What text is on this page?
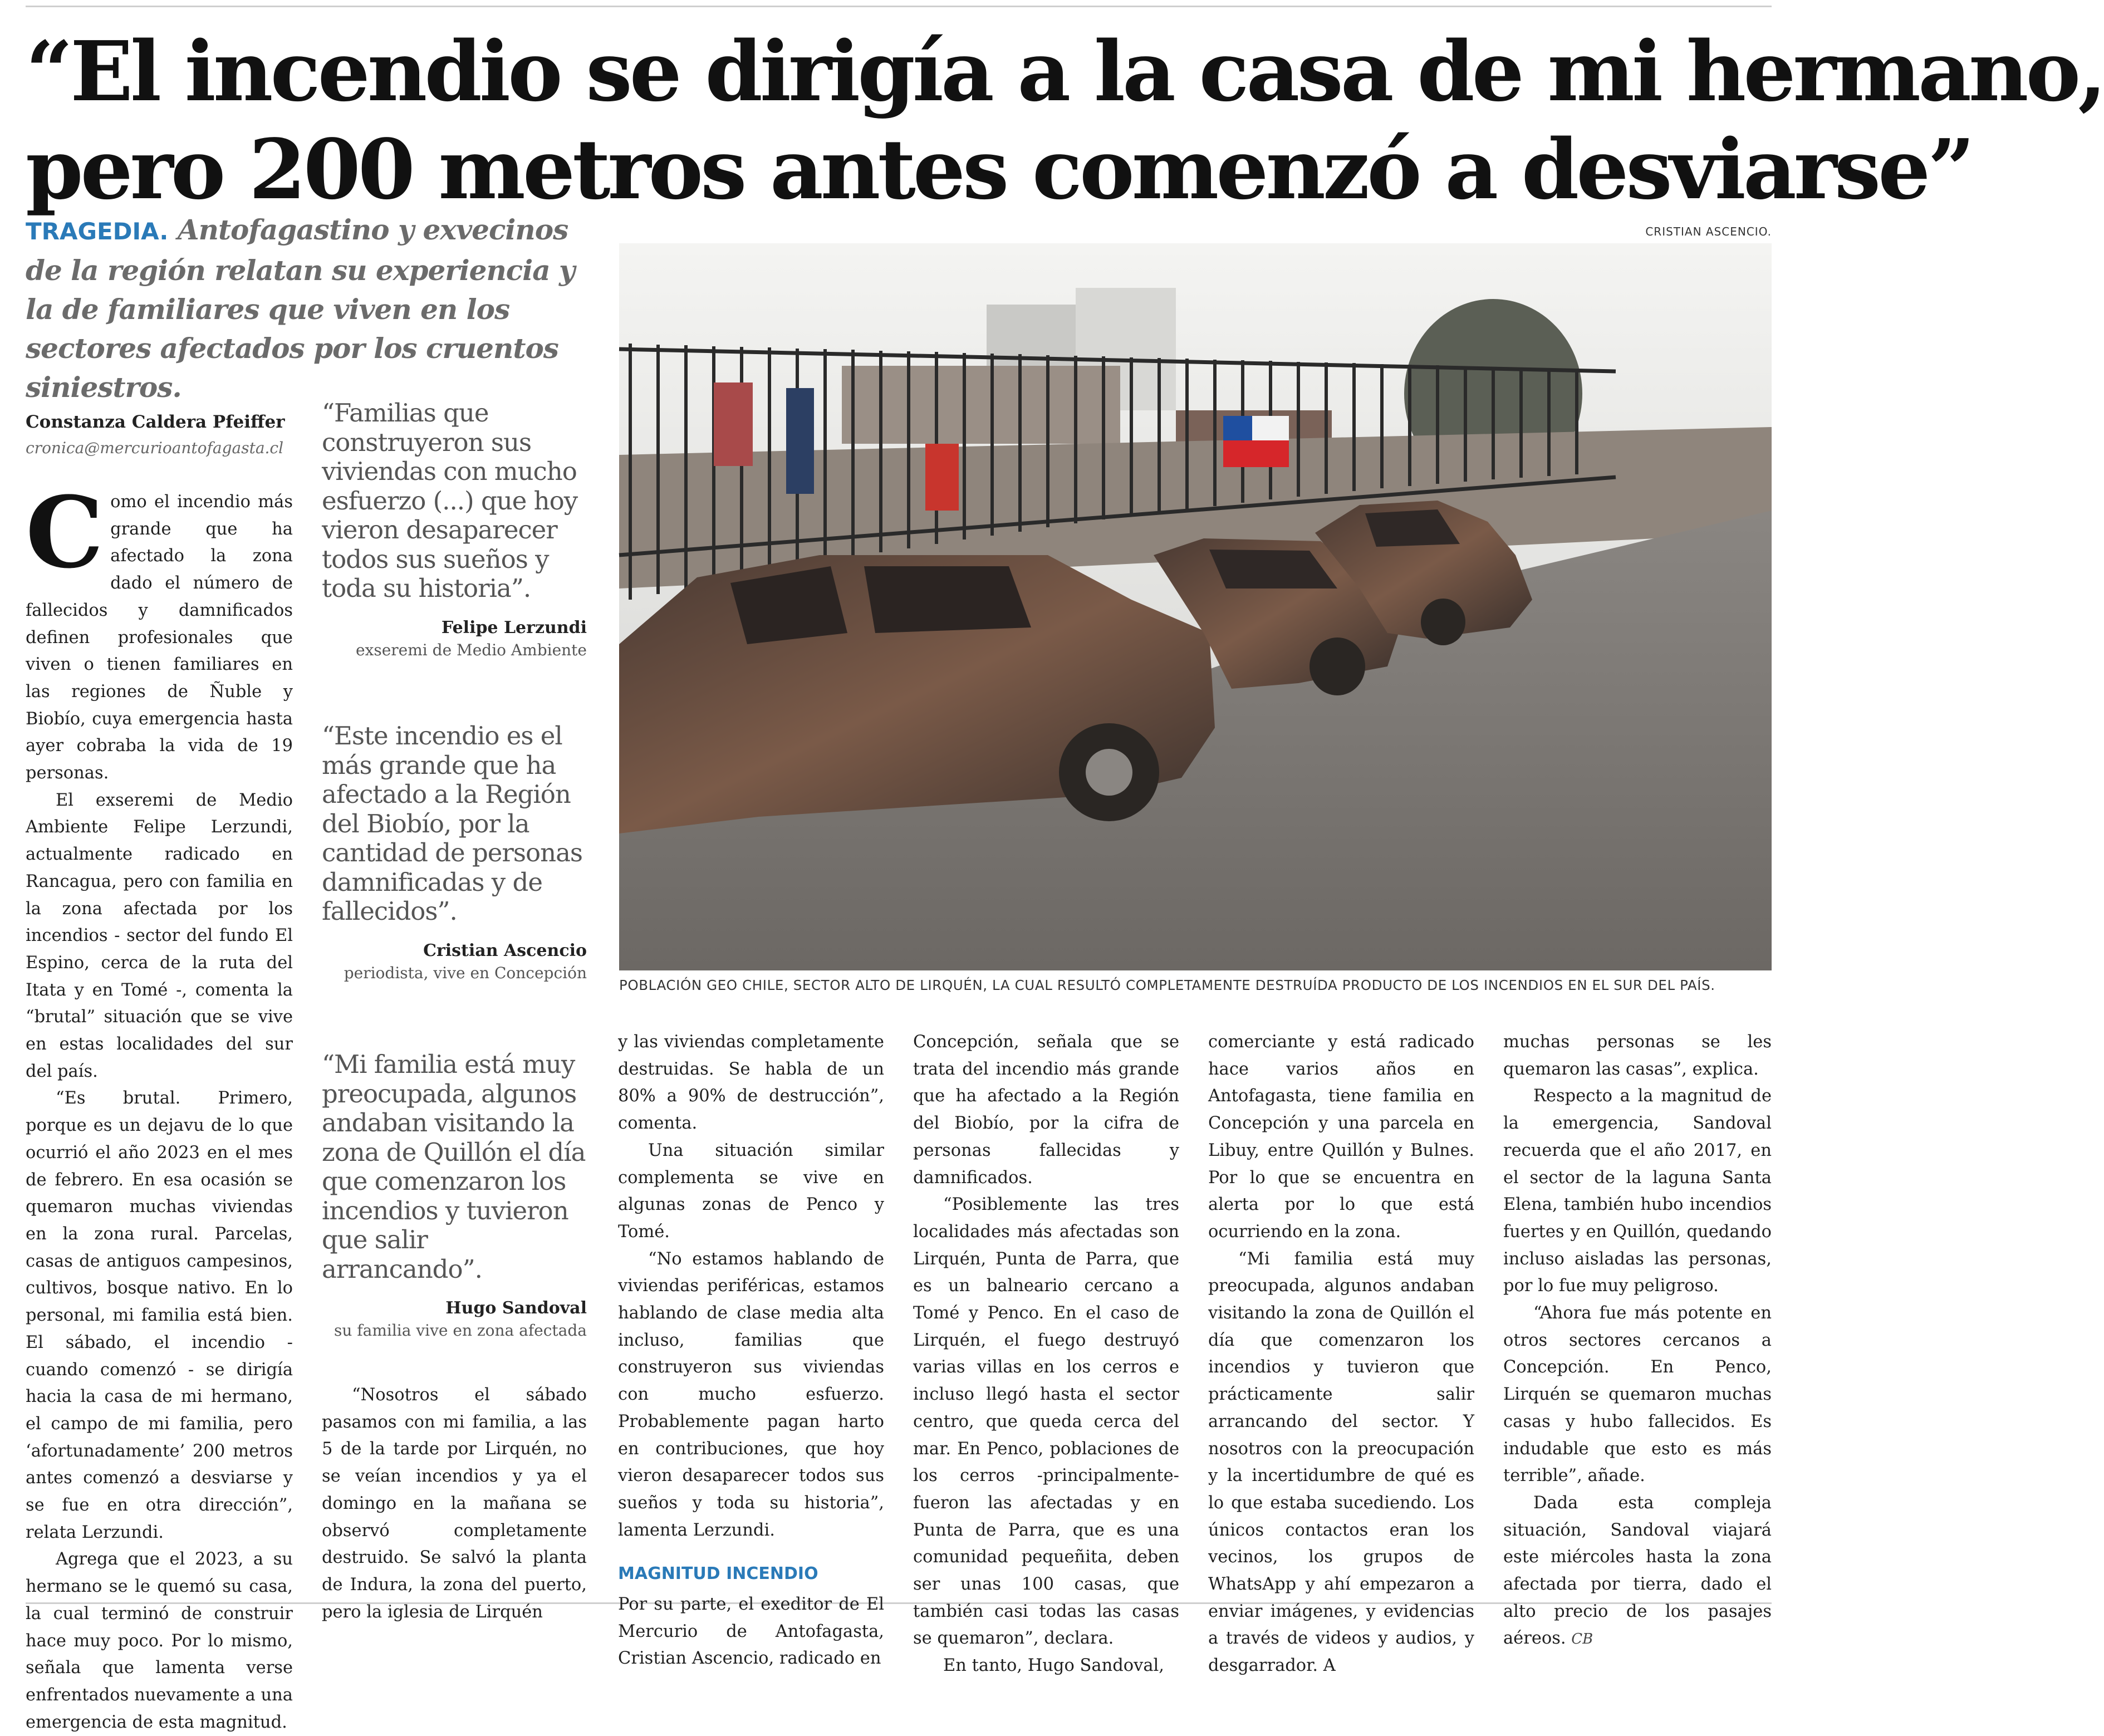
“El incendio se dirigía a la casa de mi hermano,
pero 200 metros antes comenzó a desviarse”
TRAGEDIA. Antofagastino y exvecinos de la región relatan su experiencia y la de familiares que viven en los sectores afectados por los cruentos siniestros.
CRISTIAN ASCENCIO.
POBLACIÓN GEO CHILE, SECTOR ALTO DE LIRQUÉN, LA CUAL RESULTÓ COMPLETAMENTE DESTRUÍDA PRODUCTO DE LOS INCENDIOS EN EL SUR DEL PAÍS.
Constanza Caldera Pfeiffer
cronica@mercurioantofagasta.cl

Como el incendio más grande que ha afectado la zona dado el número de fallecidos y damnificados definen profesionales que viven o tienen familiares en las regiones de Ñuble y Biobío, cuya emergencia hasta ayer cobraba la vida de 19 personas.

El exseremi de Medio Ambiente Felipe Lerzundi, actualmente radicado en Rancagua, pero con familia en la zona afectada por los incendios - sector del fundo El Espino, cerca de la ruta del Itata y en Tomé -, comenta la “brutal” situación que se vive en estas localidades del sur del país.

“Es brutal. Primero, porque es un dejavu de lo que ocurrió el año 2023 en el mes de febrero. En esa ocasión se quemaron muchas viviendas en la zona rural. Parcelas, casas de antiguos campesinos, cultivos, bosque nativo. En lo personal, mi familia está bien. El sábado, el incendio - cuando comenzó - se dirigía hacia la casa de mi hermano, el campo de mi familia, pero ‘afortunadamente’ 200 metros antes comenzó a desviarse y se fue en otra dirección”, relata Lerzundi.

Agrega que el 2023, a su hermano se le quemó su casa, la cual terminó de construir hace muy poco. Por lo mismo, señala que lamenta verse enfrentados nuevamente a una emergencia de esta magnitud.

“Familias que construyeron sus viviendas con mucho esfuerzo (...) que hoy vieron desaparecer todos sus sueños y toda su historia”.
Felipe Lerzundi
exseremi de Medio Ambiente
“Este incendio es el más grande que ha afectado a la Región del Biobío, por la cantidad de personas damnificadas y de fallecidos”.
Cristian Ascencio
periodista, vive en Concepción
“Mi familia está muy preocupada, algunos andaban visitando la zona de Quillón el día que comenzaron los incendios y tuvieron que salir arrancando”.
Hugo Sandoval
su familia vive en zona afectada

“Nosotros el sábado pasamos con mi familia, a las 5 de la tarde por Lirquén, no se veían incendios y ya el domingo en la mañana se observó completamente destruido. Se salvó la planta de Indura, la zona del puerto, pero la iglesia de Lirquén

y las viviendas completamente destruidas. Se habla de un 80% a 90% de destrucción”, comenta.

Una situación similar complementa se vive en algunas zonas de Penco y Tomé.

“No estamos hablando de viviendas periféricas, estamos hablando de clase media alta incluso, familias que construyeron sus viviendas con mucho esfuerzo. Probablemente pagan harto en contribuciones, que hoy vieron desaparecer todos sus sueños y toda su historia”, lamenta Lerzundi.

MAGNITUD INCENDIO

Por su parte, el exeditor de El Mercurio de Antofagasta, Cristian Ascencio, radicado en

Concepción, señala que se trata del incendio más grande que ha afectado a la Región del Biobío, por la cifra de personas fallecidas y damnificados.

“Posiblemente las tres localidades más afectadas son Lirquén, Punta de Parra, que es un balneario cercano a Tomé y Penco. En el caso de Lirquén, el fuego destruyó varias villas en los cerros e incluso llegó hasta el sector centro, que queda cerca del mar. En Penco, poblaciones de los cerros -principalmente- fueron las afectadas y en Punta de Parra, que es una comunidad pequeñita, deben ser unas 100 casas, que también casi todas las casas se quemaron”, declara.

En tanto, Hugo Sandoval,

comerciante y está radicado hace varios años en Antofagasta, tiene familia en Concepción y una parcela en Libuy, entre Quillón y Bulnes. Por lo que se encuentra en alerta por lo que está ocurriendo en la zona.

“Mi familia está muy preocupada, algunos andaban visitando la zona de Quillón el día que comenzaron los incendios y tuvieron que prácticamente salir arrancando del sector. Y nosotros con la preocupación y la incertidumbre de qué es lo que estaba sucediendo. Los únicos contactos eran los vecinos, los grupos de WhatsApp y ahí empezaron a enviar imágenes, y evidencias a través de videos y audios, y desgarrador. A

muchas personas se les quemaron las casas”, explica.

Respecto a la magnitud de la emergencia, Sandoval recuerda que el año 2017, en el sector de la laguna Santa Elena, también hubo incendios fuertes y en Quillón, quedando incluso aisladas las personas, por lo fue muy peligroso.

“Ahora fue más potente en otros sectores cercanos a Concepción. En Penco, Lirquén se quemaron muchas casas y hubo fallecidos. Es indudable que esto es más terrible”, añade.

Dada esta compleja situación, Sandoval viajará este miércoles hasta la zona afectada por tierra, dado el alto precio de los pasajes aéreos. CB
